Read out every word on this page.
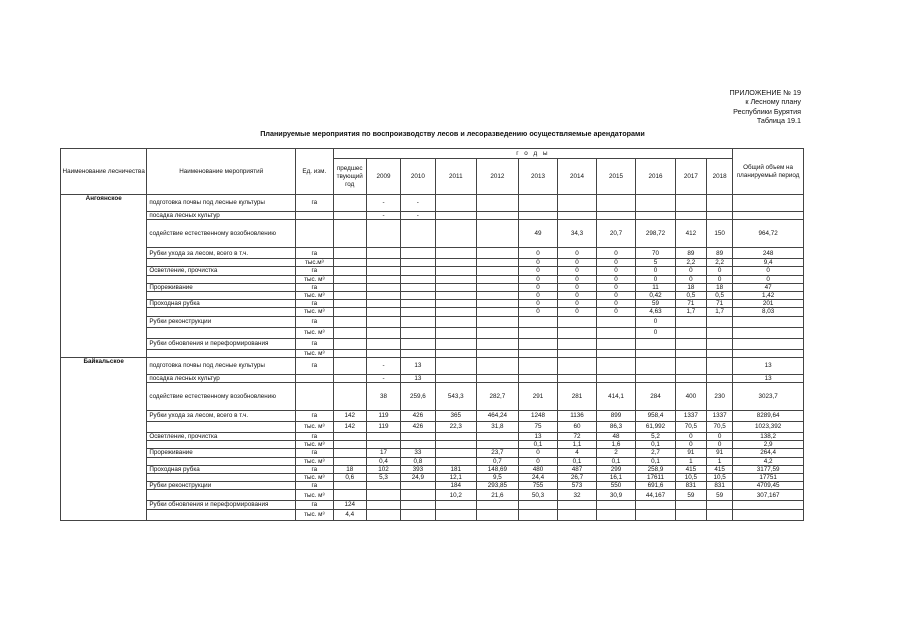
ПРИЛОЖЕНИЕ № 19
к Лесному плану
Республики Бурятия
Таблица 19.1
Планируемые мероприятия по воспроизводству лесов и лесоразведению осуществляемые арендаторами
Наименование лесничества	Наименование мероприятий	Ед. изм.	г о д ы											Общий объем на планируемый период
			предшес твующий год	2009	2010	2011	2012	2013	2014	2015	2016	2017	2018	
Ангоянское	подготовка почвы под лесные культуры	га		-	-									
	посадка лесных культур			-	-									
	содействие естественному возобновлению							49	34,3	20,7	298,72	412	150	964,72
	Рубки ухода за лесом, всего в т.ч.	га						0	0	0	70	89	89	248
		тыс.м³						0	0	0	5	2,2	2,2	9,4
	Осветление, прочистка	га						0	0	0	0	0	0	0
		тыс. м³						0	0	0	0	0	0	0
	Прореживание	га						0	0	0	11	18	18	47
		тыс. м³						0	0	0	0,42	0,5	0,5	1,42
	Проходная рубка	га						0	0	0	59	71	71	201
		тыс. м³						0	0	0	4,63	1,7	1,7	8,03
	Рубки реконструкции	га									0			
		тыс. м³									0			
	Рубки обновления и переформирования	га												
		тыс. м³												
Байкальское	подготовка почвы под лесные культуры	га		-	13									13
	посадка лесных культур			-	13									13
	содействие естественному возобновлению			38	259,6	543,3	282,7	291	281	414,1	284	400	230	3023,7
	Рубки ухода за лесом, всего в т.ч.	га	142	119	426	365	464,24	1248	1136	899	958,4	1337	1337	8289,64
		тыс. м³	142	119	426	22,3	31,8	75	60	86,3	61,992	70,5	70,5	1023,392
	Осветление, прочистка	га						13	72	48	5,2	0	0	138,2
		тыс. м³						0,1	1,1	1,6	0,1	0	0	2,9
	Прореживание	га		17	33		23,7	0	4	2	2,7	91	91	264,4
		тыс. м³		0,4	0,8		0,7	0	0,1	0,1	0,1	1	1	4,2
	Проходная рубка	га	18	102	393	181	148,69	480	487	299	258,9	415	415	3177,59
		тыс. м³	0,6	5,3	24,9	12,1	9,5	24,4	26,7	16,1	17611	10,5	10,5	17751
	Рубки реконструкции	га				184	293,85	755	573	550	691,6	831	831	4709,45
		тыс. м³				10,2	21,6	50,3	32	30,9	44,167	59	59	307,167
	Рубки обновления и переформирования	га	124											
		тыс. м³	4,4											
